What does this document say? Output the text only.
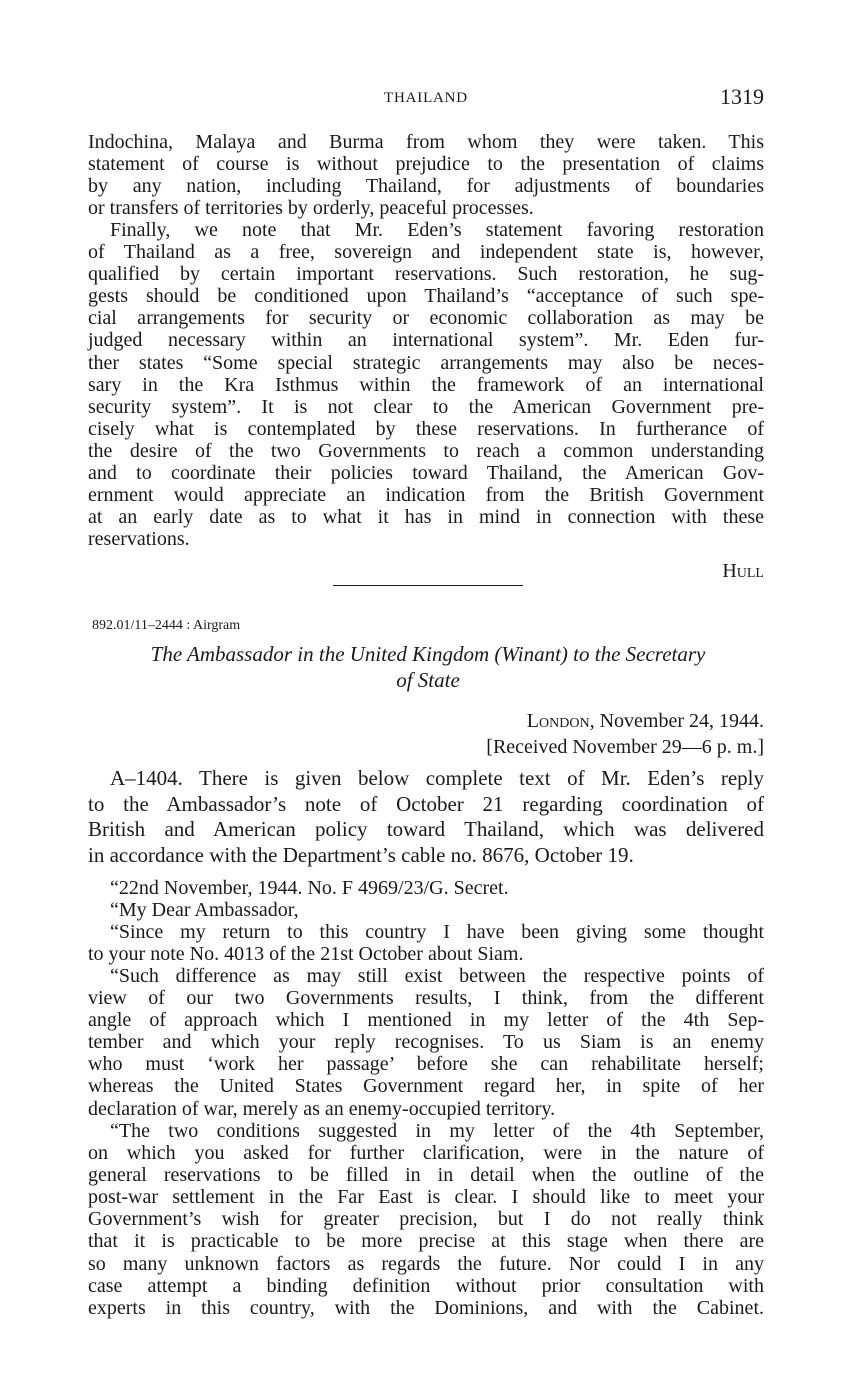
THAILAND	1319
Indochina, Malaya and Burma from whom they were taken. This
statement of course is without prejudice to the presentation of claims
by any nation, including Thailand, for adjustments of boundaries
or transfers of territories by orderly, peaceful processes.
Finally, we note that Mr. Eden’s statement favoring restoration
of Thailand as a free, sovereign and independent state is, however,
qualified by certain important reservations. Such restoration, he sug-
gests should be conditioned upon Thailand’s “acceptance of such spe-
cial arrangements for security or economic collaboration as may be
judged necessary within an international system”. Mr. Eden fur-
ther states “Some special strategic arrangements may also be neces-
sary in the Kra Isthmus within the framework of an international
security system”. It is not clear to the American Government pre-
cisely what is contemplated by these reservations. In furtherance of
the desire of the two Governments to reach a common understanding
and to coordinate their policies toward Thailand, the American Gov-
ernment would appreciate an indication from the British Government
at an early date as to what it has in mind in connection with these
reservations.
Hull
892.01/11–2444 : Airgram
The Ambassador in the United Kingdom (Winant) to the Secretary
of State
London, November 24, 1944.
[Received November 29—6 p. m.]
A–1404. There is given below complete text of Mr. Eden’s reply
to the Ambassador’s note of October 21 regarding coordination of
British and American policy toward Thailand, which was delivered
in accordance with the Department’s cable no. 8676, October 19.
“22nd November, 1944. No. F 4969/23/G. Secret.
“My Dear Ambassador,
“Since my return to this country I have been giving some thought
to your note No. 4013 of the 21st October about Siam.
“Such difference as may still exist between the respective points of
view of our two Governments results, I think, from the different
angle of approach which I mentioned in my letter of the 4th Sep-
tember and which your reply recognises. To us Siam is an enemy
who must ‘work her passage’ before she can rehabilitate herself;
whereas the United States Government regard her, in spite of her
declaration of war, merely as an enemy-occupied territory.
“The two conditions suggested in my letter of the 4th September,
on which you asked for further clarification, were in the nature of
general reservations to be filled in in detail when the outline of the
post-war settlement in the Far East is clear. I should like to meet your
Government’s wish for greater precision, but I do not really think
that it is practicable to be more precise at this stage when there are
so many unknown factors as regards the future. Nor could I in any
case attempt a binding definition without prior consultation with
experts in this country, with the Dominions, and with the Cabinet.
